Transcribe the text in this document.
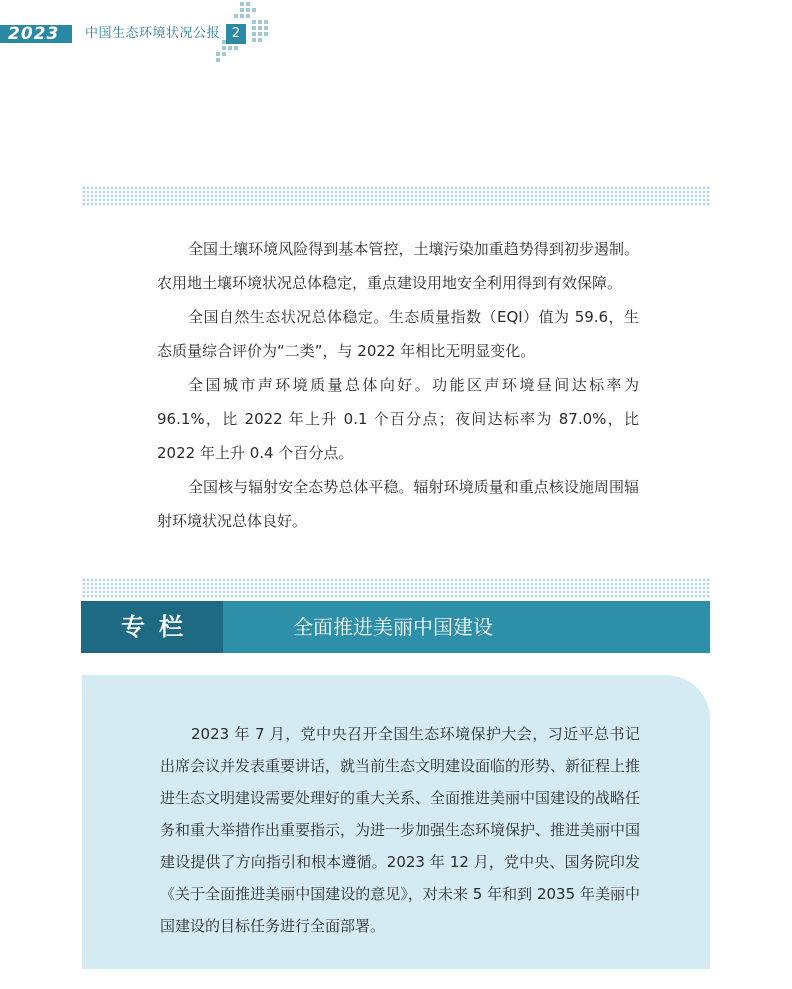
2023 中国生态环境状况公报 2

全国土壤环境风险得到基本管控，土壤污染加重趋势得到初步遏制。农用地土壤环境状况总体稳定，重点建设用地安全利用得到有效保障。

全国自然生态状况总体稳定。生态质量指数（EQI）值为 59.6，生态质量综合评价为“二类”，与 2022 年相比无明显变化。

全国城市声环境质量总体向好。功能区声环境昼间达标率为 96.1%，比 2022 年上升 0.1 个百分点；夜间达标率为 87.0%，比 2022 年上升 0.4 个百分点。

全国核与辐射安全态势总体平稳。辐射环境质量和重点核设施周围辐射环境状况总体良好。

专栏	全面推进美丽中国建设

2023 年 7 月，党中央召开全国生态环境保护大会，习近平总书记出席会议并发表重要讲话，就当前生态文明建设面临的形势、新征程上推进生态文明建设需要处理好的重大关系、全面推进美丽中国建设的战略任务和重大举措作出重要指示，为进一步加强生态环境保护、推进美丽中国建设提供了方向指引和根本遵循。2023 年 12 月，党中央、国务院印发《关于全面推进美丽中国建设的意见》，对未来 5 年和到 2035 年美丽中国建设的目标任务进行全面部署。
